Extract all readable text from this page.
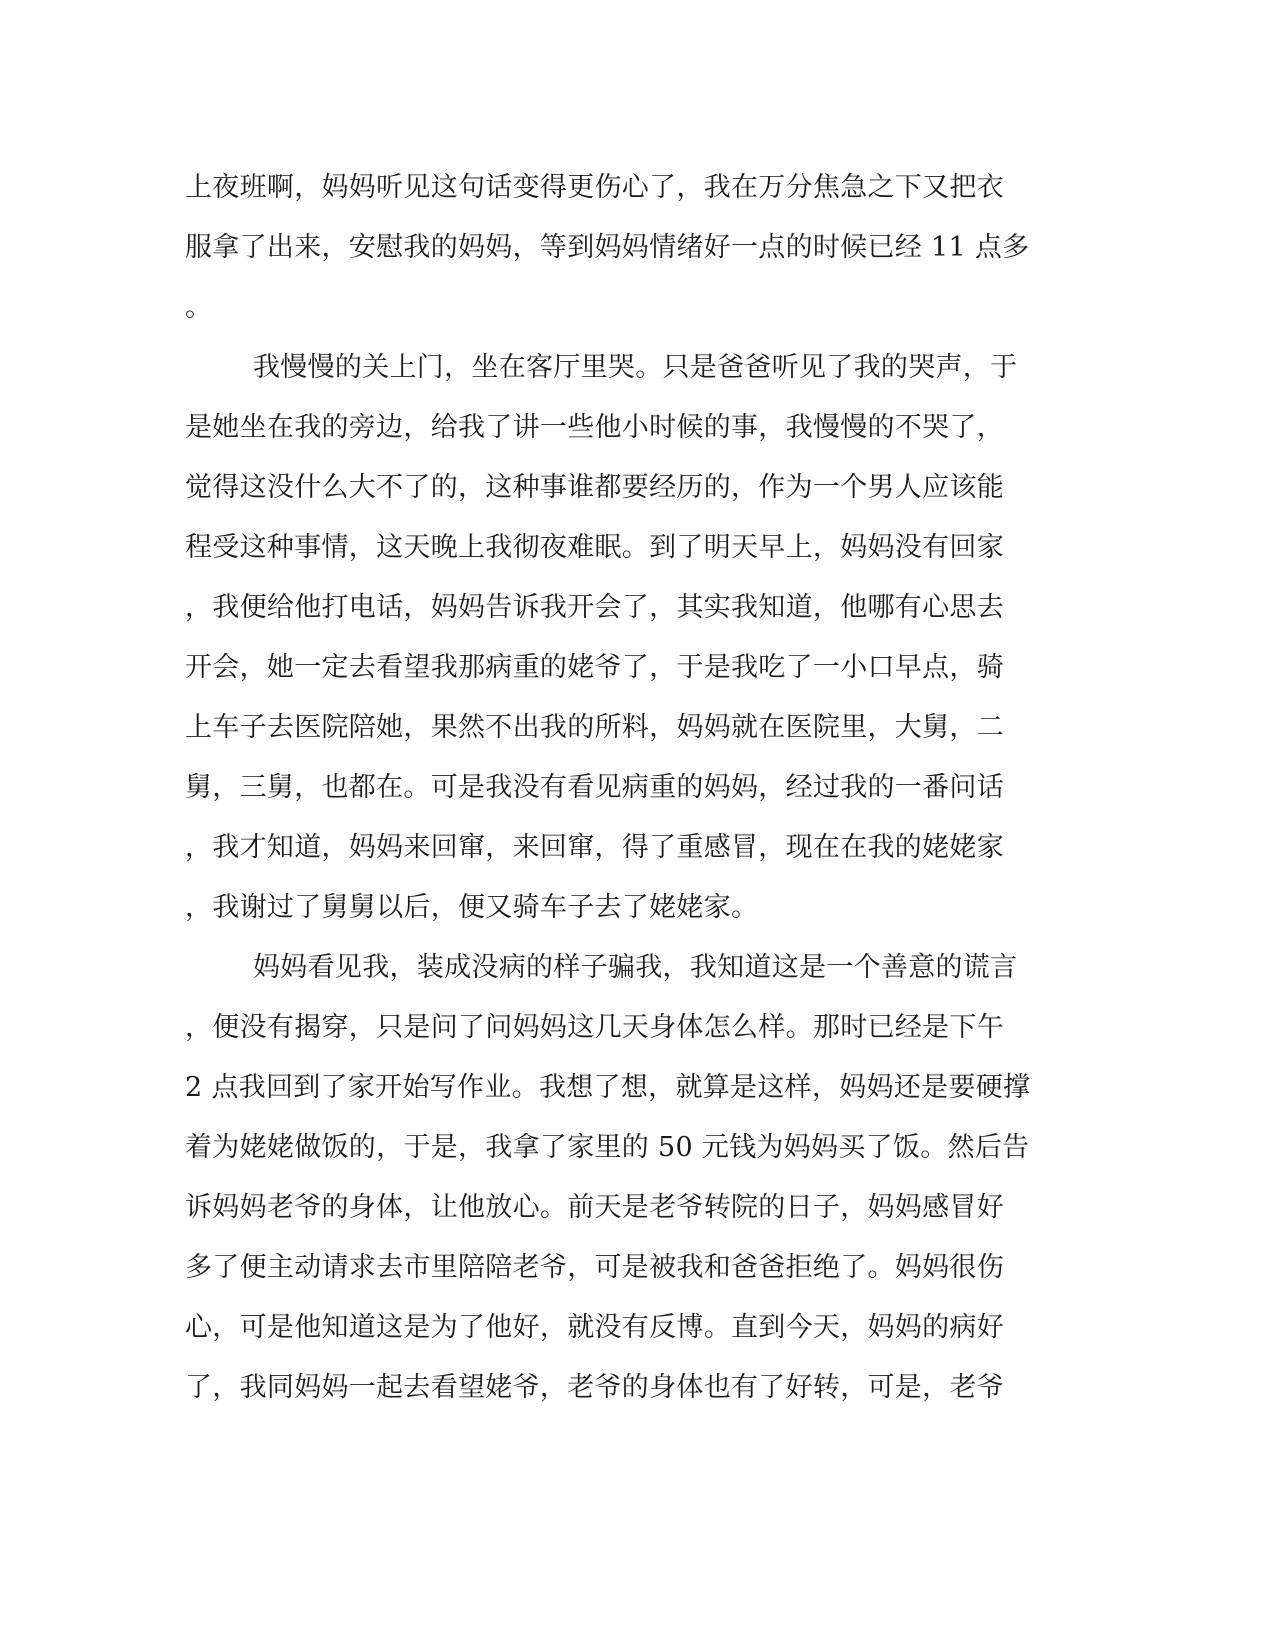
上夜班啊，妈妈听见这句话变得更伤心了，我在万分焦急之下又把衣
服拿了出来，安慰我的妈妈，等到妈妈情绪好一点的时候已经 11 点多
。
我慢慢的关上门，坐在客厅里哭。只是爸爸听见了我的哭声，于
是她坐在我的旁边，给我了讲一些他小时候的事，我慢慢的不哭了，
觉得这没什么大不了的，这种事谁都要经历的，作为一个男人应该能
程受这种事情，这天晚上我彻夜难眠。到了明天早上，妈妈没有回家
，我便给他打电话，妈妈告诉我开会了，其实我知道，他哪有心思去
开会，她一定去看望我那病重的姥爷了，于是我吃了一小口早点，骑
上车子去医院陪她，果然不出我的所料，妈妈就在医院里，大舅，二
舅，三舅，也都在。可是我没有看见病重的妈妈，经过我的一番问话
，我才知道，妈妈来回窜，来回窜，得了重感冒，现在在我的姥姥家
，我谢过了舅舅以后，便又骑车子去了姥姥家。
妈妈看见我，装成没病的样子骗我，我知道这是一个善意的谎言
，便没有揭穿，只是问了问妈妈这几天身体怎么样。那时已经是下午
2 点我回到了家开始写作业。我想了想，就算是这样，妈妈还是要硬撑
着为姥姥做饭的，于是，我拿了家里的 50 元钱为妈妈买了饭。然后告
诉妈妈老爷的身体，让他放心。前天是老爷转院的日子，妈妈感冒好
多了便主动请求去市里陪陪老爷，可是被我和爸爸拒绝了。妈妈很伤
心，可是他知道这是为了他好，就没有反博。直到今天，妈妈的病好
了，我同妈妈一起去看望姥爷，老爷的身体也有了好转，可是，老爷
